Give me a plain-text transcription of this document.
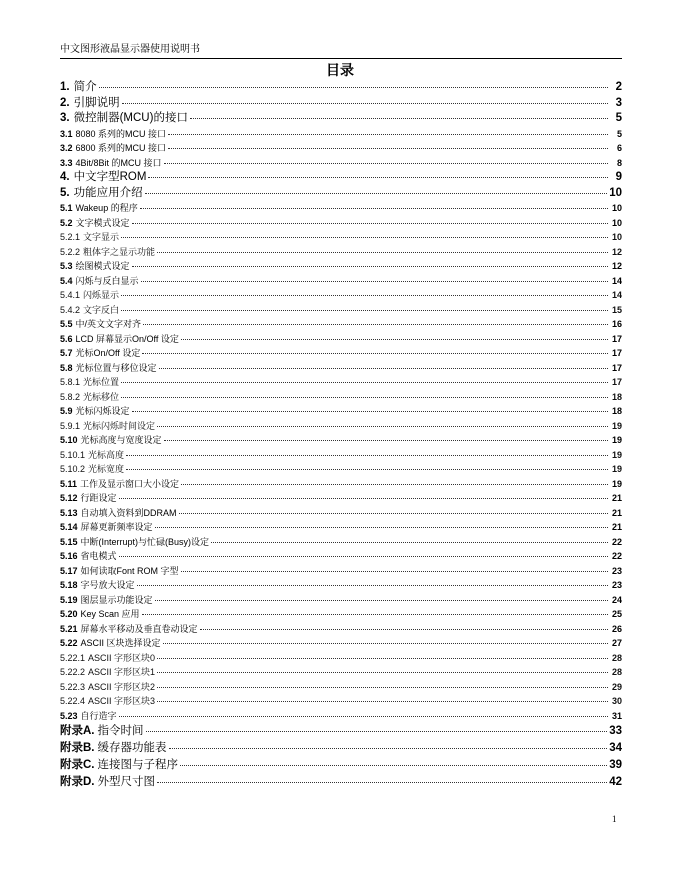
中文图形液晶显示器使用说明书
目录
1. 简介	2
2. 引脚说明	3
3. 微控制器(MCU)的接口	5
3.1 8080 系列的MCU 接口	5
3.2 6800 系列的MCU 接口	6
3.3 4Bit/8Bit 的MCU 接口	8
4. 中文字型ROM	9
5. 功能应用介绍	10
5.1 Wakeup 的程序	10
5.2 文字模式设定	10
5.2.1 文字显示	10
5.2.2 粗体字之显示功能	12
5.3 绘图模式设定	12
5.4 闪烁与反白显示	14
5.4.1 闪烁显示	14
5.4.2 文字反白	15
5.5 中/英文文字对齐	16
5.6 LCD 屏幕显示On/Off 设定	17
5.7 光标On/Off 设定	17
5.8 光标位置与移位设定	17
5.8.1 光标位置	17
5.8.2 光标移位	18
5.9 光标闪烁设定	18
5.9.1 光标闪烁时间设定	19
5.10 光标高度与宽度设定	19
5.10.1 光标高度	19
5.10.2 光标宽度	19
5.11 工作及显示窗口大小设定	19
5.12 行距设定	21
5.13 自动填入资料到DDRAM	21
5.14 屏幕更新频率设定	21
5.15 中断(Interrupt)与忙碌(Busy)设定	22
5.16 省电模式	22
5.17 如何读取Font ROM 字型	23
5.18 字号放大设定	23
5.19 图层显示功能设定	24
5.20 Key Scan 应用	25
5.21 屏幕水平移动及垂直卷动设定	26
5.22 ASCII 区块选择设定	27
5.22.1 ASCII 字形区块0	28
5.22.2 ASCII 字形区块1	28
5.22.3 ASCII 字形区块2	29
5.22.4 ASCII 字形区块3	30
5.23 自行造字	31
附录A. 指令时间	33
附录B. 缓存器功能表	34
附录C. 连接图与子程序	39
附录D. 外型尺寸图	42
1
